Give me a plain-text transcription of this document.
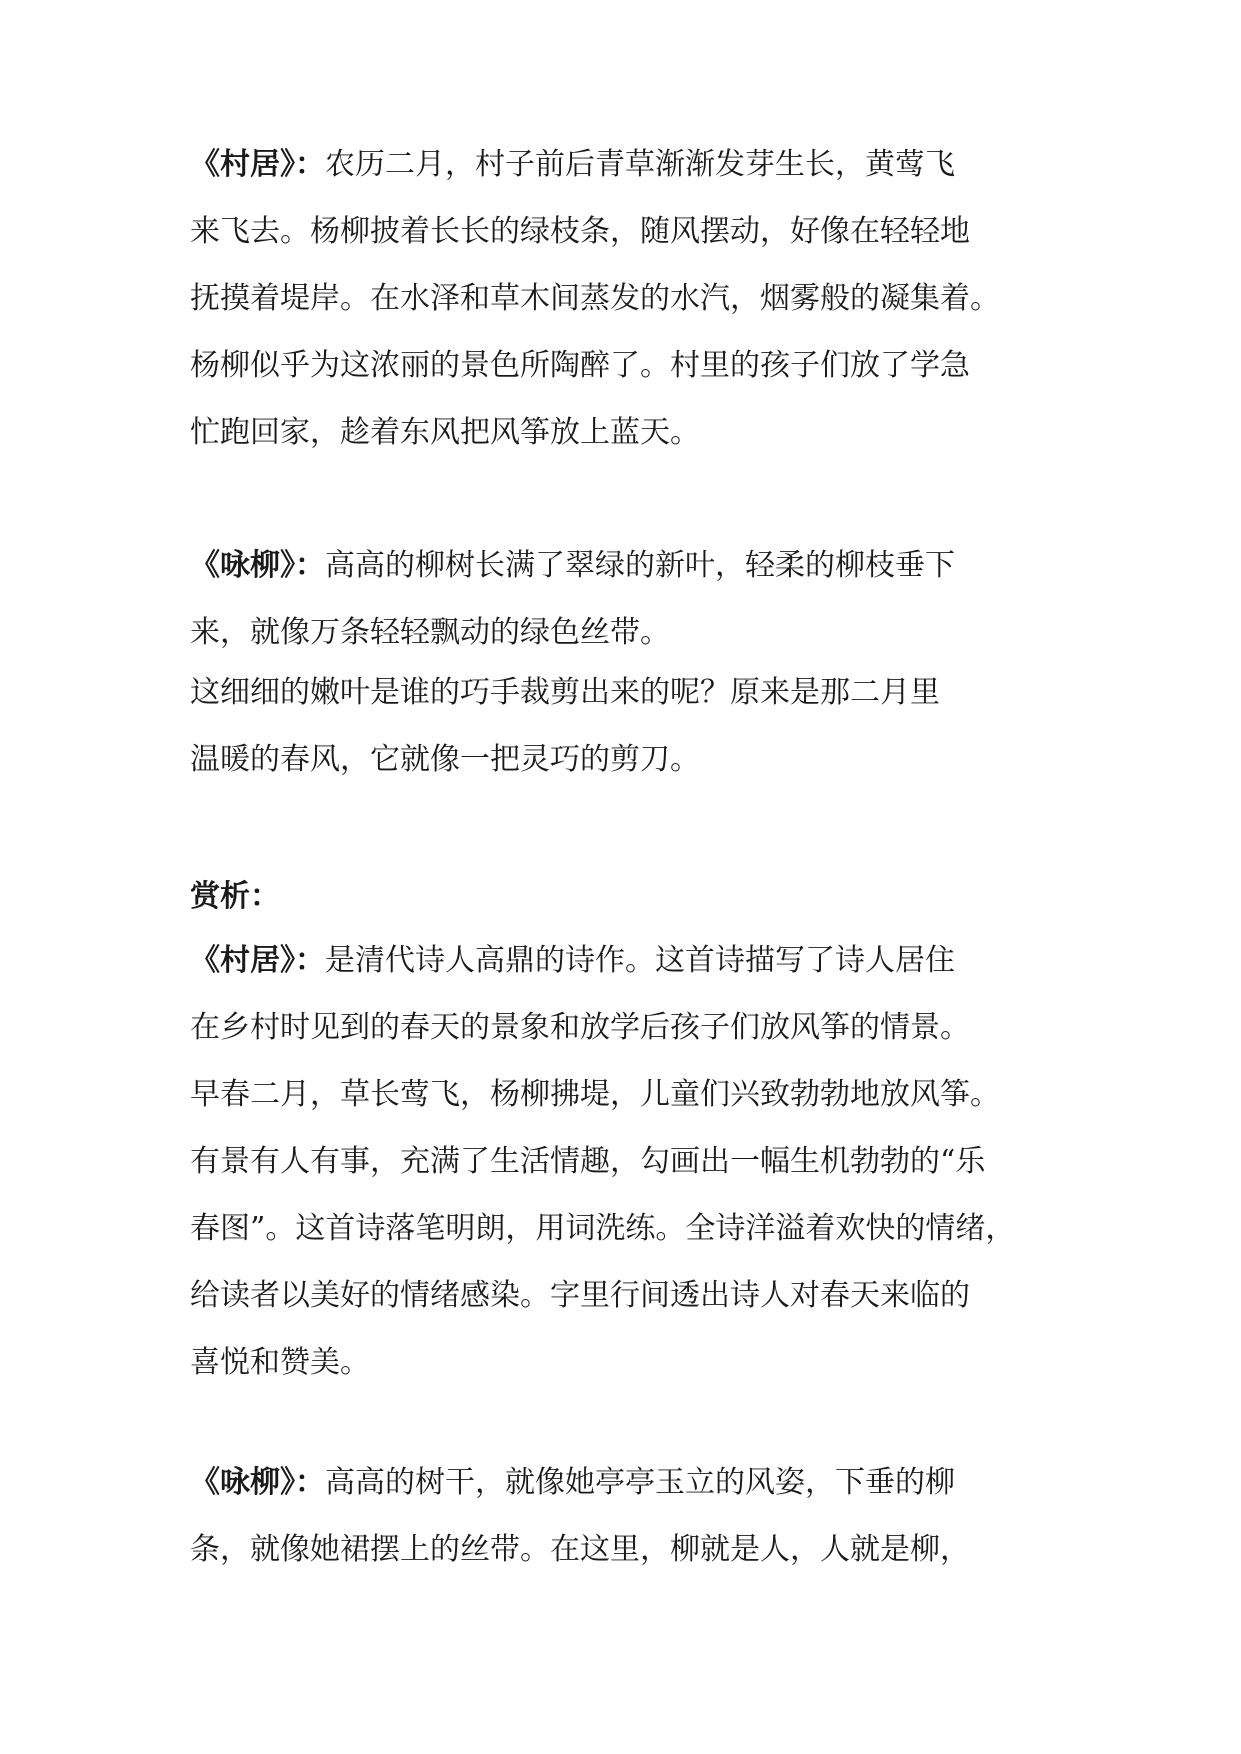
《村居》：农历二月，村子前后青草渐渐发芽生长，黄莺飞
来飞去。杨柳披着长长的绿枝条，随风摆动，好像在轻轻地
抚摸着堤岸。在水泽和草木间蒸发的水汽，烟雾般的凝集着。
杨柳似乎为这浓丽的景色所陶醉了。村里的孩子们放了学急
忙跑回家，趁着东风把风筝放上蓝天。
《咏柳》：高高的柳树长满了翠绿的新叶，轻柔的柳枝垂下
来，就像万条轻轻飘动的绿色丝带。
这细细的嫩叶是谁的巧手裁剪出来的呢？原来是那二月里
温暖的春风，它就像一把灵巧的剪刀。
赏析：
《村居》：是清代诗人高鼎的诗作。这首诗描写了诗人居住
在乡村时见到的春天的景象和放学后孩子们放风筝的情景。
早春二月，草长莺飞，杨柳拂堤，儿童们兴致勃勃地放风筝。
有景有人有事，充满了生活情趣，勾画出一幅生机勃勃的“乐
春图”。这首诗落笔明朗，用词洗练。全诗洋溢着欢快的情绪，
给读者以美好的情绪感染。字里行间透出诗人对春天来临的
喜悦和赞美。
《咏柳》：高高的树干，就像她亭亭玉立的风姿，下垂的柳
条，就像她裙摆上的丝带。在这里，柳就是人，人就是柳，
